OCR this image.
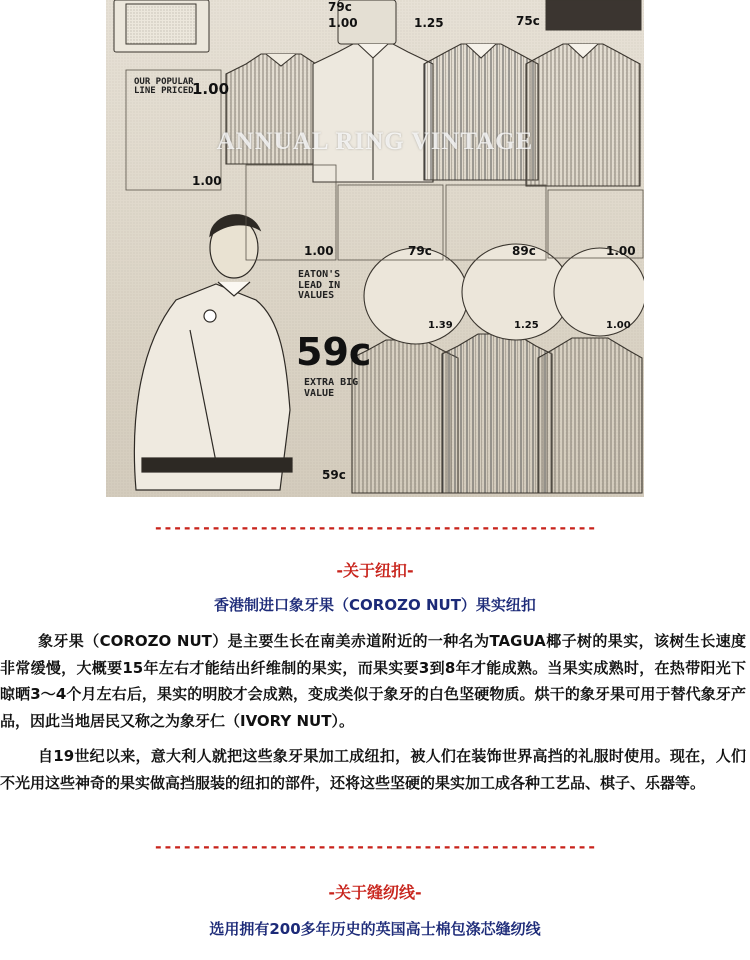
ANNUAL RING VINTAGE
OUR POPULAR LINE PRICED
1.00
1.00
79c
1.00	1.25	75c
1.00	79c	89c	1.00
EATON'S LEAD IN VALUES
1.39	1.25	1.00
59c
EXTRA BIG VALUE
59c
----------------------------------------------
-关于纽扣-
香港制进口象牙果（COROZO NUT）果实纽扣
象牙果（COROZO NUT）是主要生长在南美赤道附近的一种名为TAGUA椰子树的果实，该树生长速度非常缓慢，大概要15年左右才能结出纤维制的果实，而果实要3到8年才能成熟。当果实成熟时，在热带阳光下晾晒3～4个月左右后，果实的明胶才会成熟，变成类似于象牙的白色坚硬物质。烘干的象牙果可用于替代象牙产品，因此当地居民又称之为象牙仁（IVORY NUT）。
自19世纪以来，意大利人就把这些象牙果加工成纽扣，被人们在装饰世界高挡的礼服时使用。现在，人们不光用这些神奇的果实做高挡服装的纽扣的部件，还将这些坚硬的果实加工成各种工艺品、棋子、乐器等。
----------------------------------------------
-关于缝纫线-
选用拥有200多年历史的英国高士棉包涤芯缝纫线
